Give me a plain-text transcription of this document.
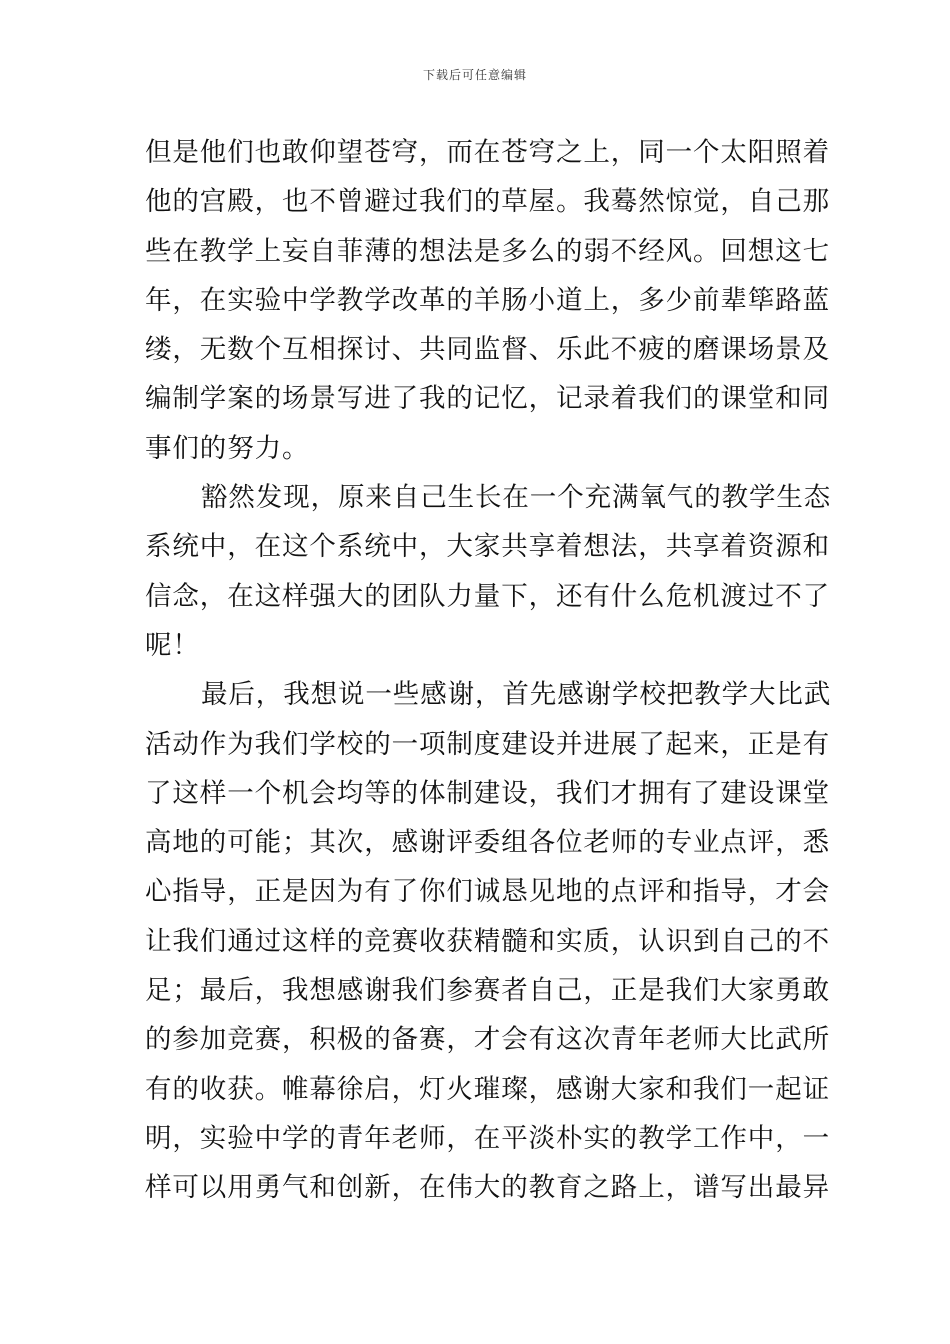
下载后可任意编辑
但是他们也敢仰望苍穹，而在苍穹之上，同一个太阳照着
他的宫殿，也不曾避过我们的草屋。我蓦然惊觉，自己那
些在教学上妄自菲薄的想法是多么的弱不经风。回想这七
年，在实验中学教学改革的羊肠小道上，多少前辈筚路蓝
缕，无数个互相探讨、共同监督、乐此不疲的磨课场景及
编制学案的场景写进了我的记忆，记录着我们的课堂和同
事们的努力。
豁然发现，原来自己生长在一个充满氧气的教学生态
系统中，在这个系统中，大家共享着想法，共享着资源和
信念，在这样强大的团队力量下，还有什么危机渡过不了
呢！
最后，我想说一些感谢，首先感谢学校把教学大比武
活动作为我们学校的一项制度建设并进展了起来，正是有
了这样一个机会均等的体制建设，我们才拥有了建设课堂
高地的可能；其次，感谢评委组各位老师的专业点评，悉
心指导，正是因为有了你们诚恳见地的点评和指导，才会
让我们通过这样的竞赛收获精髓和实质，认识到自己的不
足；最后，我想感谢我们参赛者自己，正是我们大家勇敢
的参加竞赛，积极的备赛，才会有这次青年老师大比武所
有的收获。帷幕徐启，灯火璀璨，感谢大家和我们一起证
明，实验中学的青年老师，在平淡朴实的教学工作中，一
样可以用勇气和创新，在伟大的教育之路上，谱写出最异
